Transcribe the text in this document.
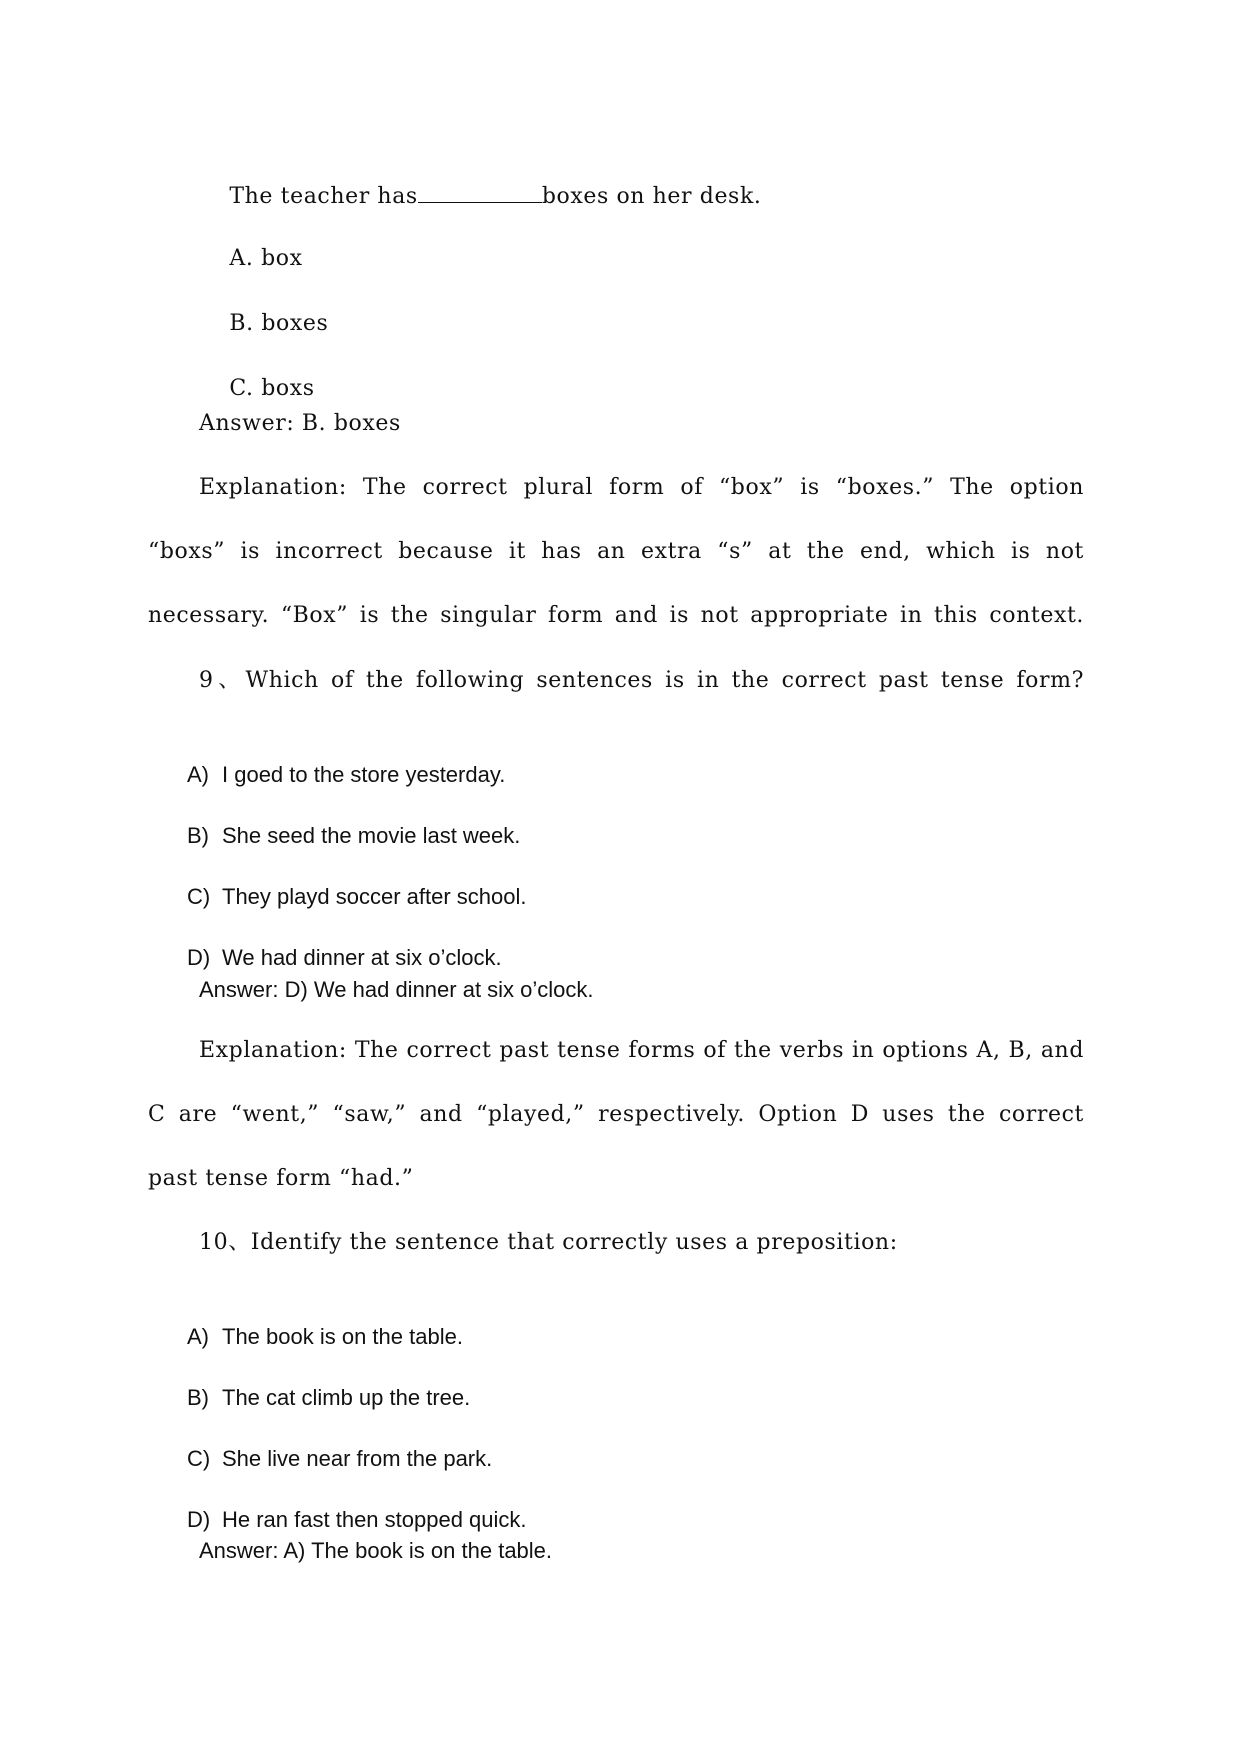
The teacher has	boxes on her desk.

A. box

B. boxes

C. boxs

Answer: B. boxes
Explanation: The correct plural form of “box” is “boxes.” The option
“boxs” is incorrect because it has an extra “s” at the end, which is not
necessary. “Box” is the singular form and is not appropriate in this context.
9、Which of the following sentences is in the correct past tense form?

A) I goed to the store yesterday.

B) She seed the movie last week.

C) They playd soccer after school.

D) We had dinner at six o’clock.

Answer: D) We had dinner at six o’clock.
Explanation: The correct past tense forms of the verbs in options A, B, and
C are “went,” “saw,” and “played,” respectively. Option D uses the correct
past tense form “had.”
10、Identify the sentence that correctly uses a preposition:

A) The book is on the table.

B) The cat climb up the tree.

C) She live near from the park.

D) He ran fast then stopped quick.

Answer: A) The book is on the table.
